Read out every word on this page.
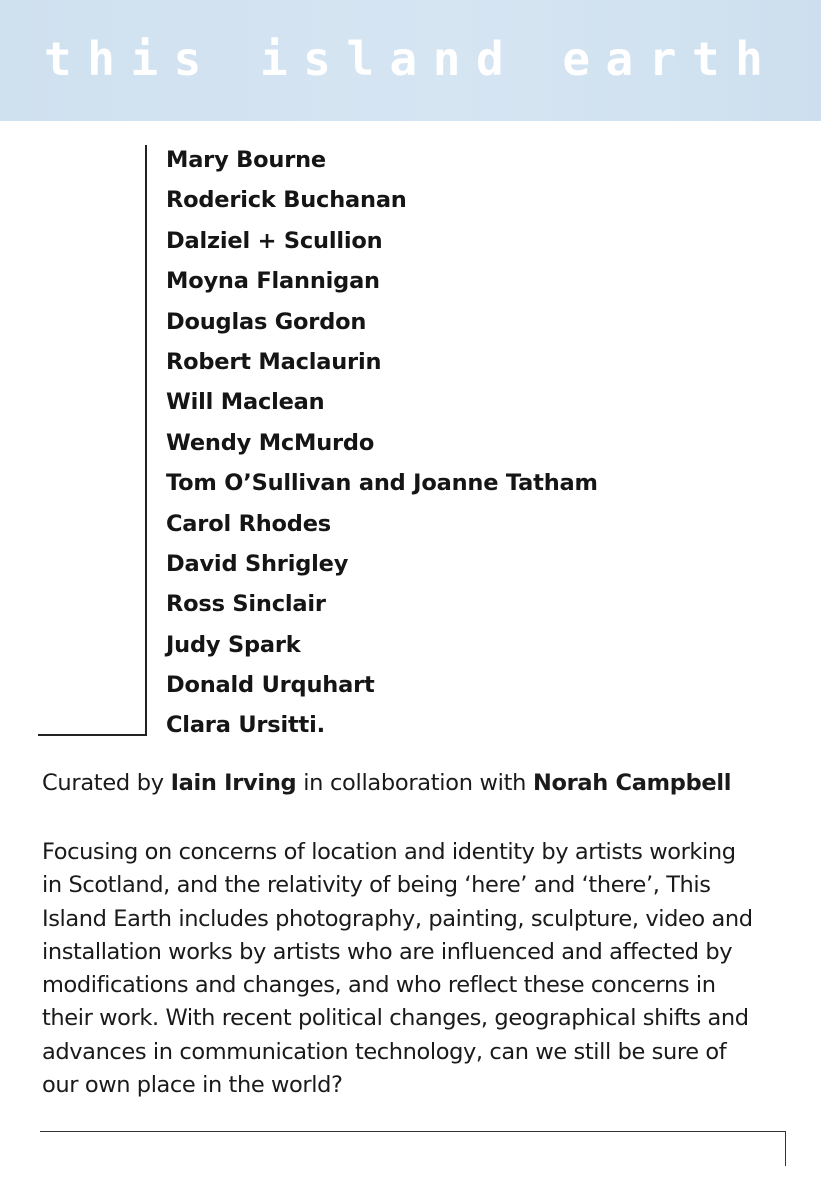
this island earth
Mary Bourne
Roderick Buchanan
Dalziel + Scullion
Moyna Flannigan
Douglas Gordon
Robert Maclaurin
Will Maclean
Wendy McMurdo
Tom O’Sullivan and Joanne Tatham
Carol Rhodes
David Shrigley
Ross Sinclair
Judy Spark
Donald Urquhart
Clara Ursitti.

Curated by Iain Irving in collaboration with Norah Campbell

Focusing on concerns of location and identity by artists working
in Scotland, and the relativity of being ‘here’ and ‘there’, This
Island Earth includes photography, painting, sculpture, video and
installation works by artists who are influenced and affected by
modifications and changes, and who reflect these concerns in
their work. With recent political changes, geographical shifts and
advances in communication technology, can we still be sure of
our own place in the world?
